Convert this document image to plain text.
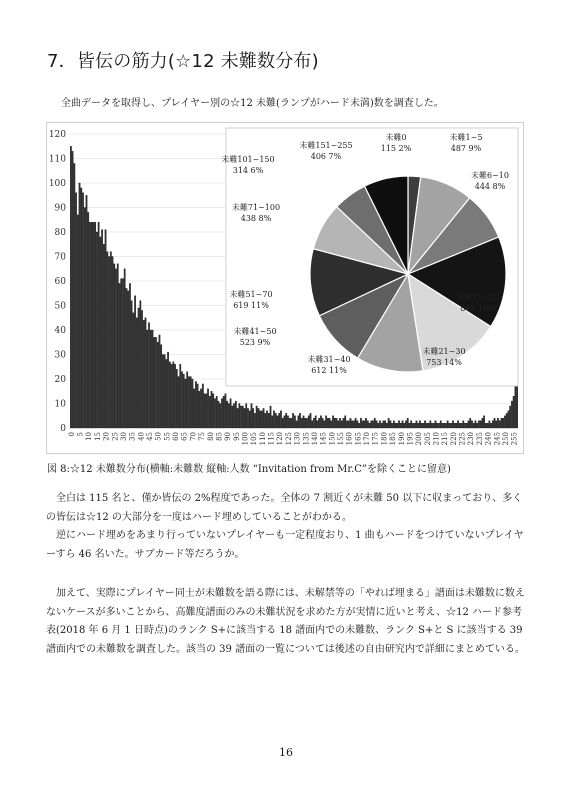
7．皆伝の筋力(☆12 未難数分布)

全曲データを取得し、プレイヤー別の☆12 未難(ランプがハード未満)数を調査した。

0
10
20
30
40
50
60
70
80
90
100
110
120
0 5 10 15 20 25 30 35 40 45 50 55 60 65 70 75 80 85 90 95 100 105 110 115 120 125 130 135 140 145 150 155 160 165 170 175 180 185 190 195 200 205 210 215 220 225 230 235 240 245 250 255
未難0
115 2%
未難1~5
487 9%
未難6~10
444 8%
未難11~20
842 15%
未難21~30
753 14%
未難31~40
612 11%
未難41~50
523 9%
未難51~70
619 11%
未難71~100
438 8%
未難101~150
314 6%
未難151~255
406 7%

図 8:☆12 未難数分布(横軸:未難数 縦軸:人数 “Invitation from Mr.C”を除くことに留意)

全白は 115 名と、僅か皆伝の 2%程度であった。全体の 7 割近くが未難 50 以下に収まっており、多くの皆伝は☆12 の大部分を一度はハード埋めしていることがわかる。

逆にハード埋めをあまり行っていないプレイヤーも一定程度おり、1 曲もハードをつけていないプレイヤーすら 46 名いた。サブカード等だろうか。

加えて、実際にプレイヤー同士が未難数を語る際には、未解禁等の「やれば埋まる」譜面は未難数に数えないケースが多いことから、高難度譜面のみの未難状況を求めた方が実情に近いと考え、☆12 ハード参考表(2018 年 6 月 1 日時点)のランク S+に該当する 18 譜面内での未難数、ランク S+と S に該当する 39 譜面内での未難数を調査した。該当の 39 譜面の一覧については後述の自由研究内で詳細にまとめている。

16
